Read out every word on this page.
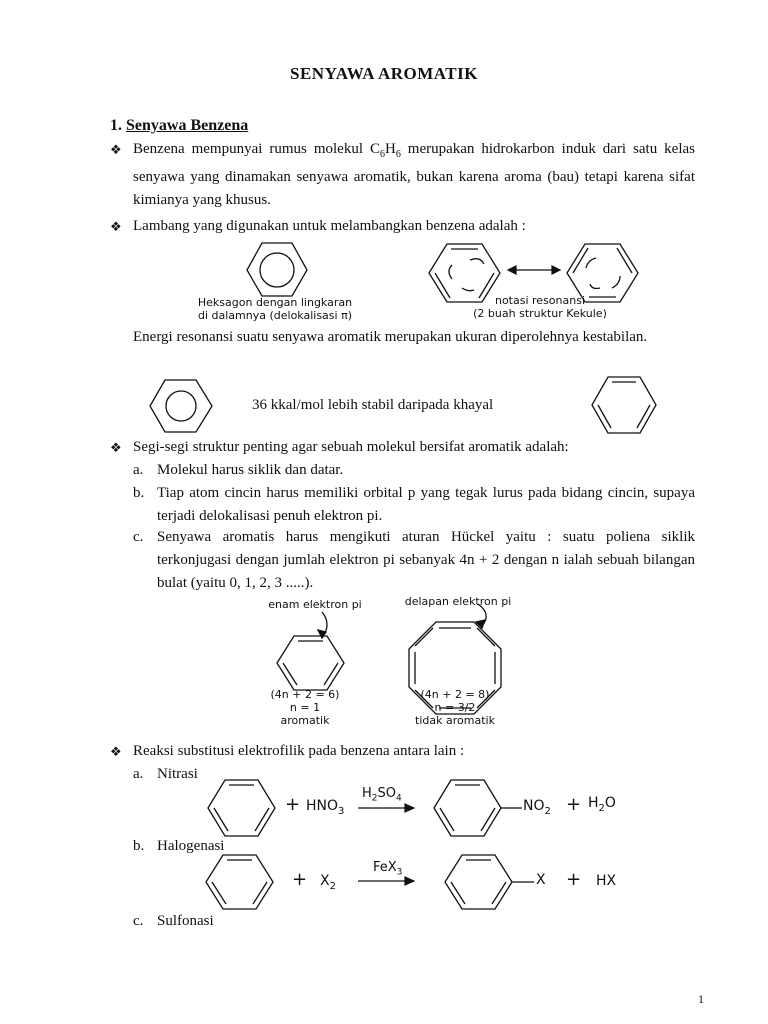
SENYAWA AROMATIK
1. Senyawa Benzena
❖ Benzena mempunyai rumus molekul $C_6H_6$ merupakan hidrokarbon induk dari satu kelas senyawa yang dinamakan senyawa aromatik, bukan karena aroma (bau) tetapi karena sifat kimianya yang khusus.
❖ Lambang yang digunakan untuk melambangkan benzena adalah :
Heksagon dengan lingkaran
di dalamnya (delokalisasi π)
notasi resonansi
(2 buah struktur Kekule)
Energi resonansi suatu senyawa aromatik merupakan ukuran diperolehnya kestabilan.
36 kkal/mol lebih stabil daripada khayal
❖ Segi-segi struktur penting agar sebuah molekul bersifat aromatik adalah:
a. Molekul harus siklik dan datar.
b. Tiap atom cincin harus memiliki orbital p yang tegak lurus pada bidang cincin, supaya terjadi delokalisasi penuh elektron pi.
c. Senyawa aromatis harus mengikuti aturan Hückel yaitu : suatu poliena siklik terkonjugasi dengan jumlah elektron pi sebanyak 4n + 2 dengan n ialah sebuah bilangan bulat (yaitu 0, 1, 2, 3 .....).
enam elektron pi	delapan elektron pi
(4n + 2 = 6)
n = 1
aromatik
(4n + 2 = 8)
n = 3/2
tidak aromatik
❖ Reaksi substitusi elektrofilik pada benzena antara lain :
a. Nitrasi
+ $HNO_3$
$H_2SO_4$	$NO_2 + H_2O$
b. Halogenasi
+ $X_2$
FeX$_3$	X + HX
c. Sulfonasi
1
